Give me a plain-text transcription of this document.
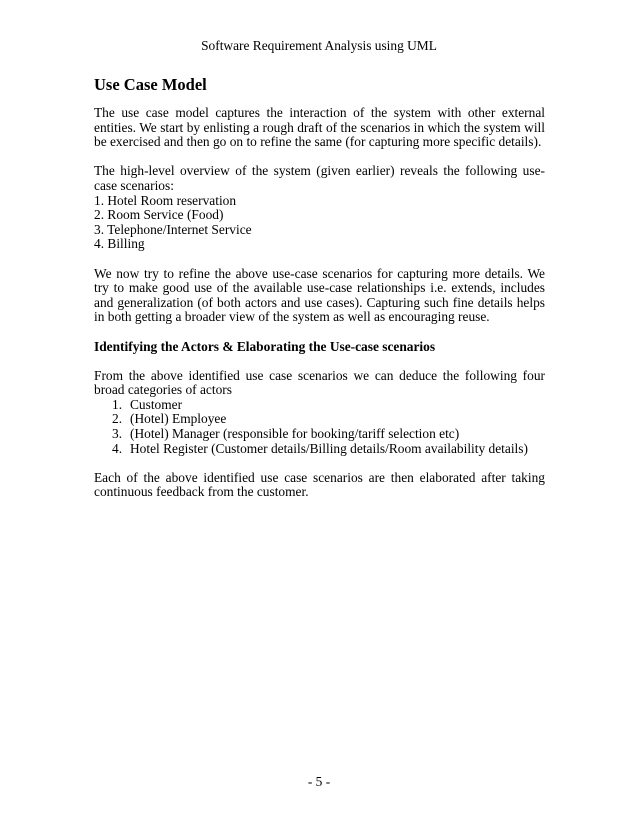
Software Requirement Analysis using UML
Use Case Model

The use case model captures the interaction of the system with other external entities. We start by enlisting a rough draft of the scenarios in which the system will be exercised and then go on to refine the same (for capturing more specific details).

The high-level overview of the system (given earlier) reveals the following use-case scenarios:

1. Hotel Room reservation
2. Room Service (Food)
3. Telephone/Internet Service
4. Billing

We now try to refine the above use-case scenarios for capturing more details. We try to make good use of the available use-case relationships i.e. extends, includes and generalization (of both actors and use cases). Capturing such fine details helps in both getting a broader view of the system as well as encouraging reuse.

Identifying the Actors & Elaborating the Use-case scenarios

From the above identified use case scenarios we can deduce the following four broad categories of actors

1. Customer
2. (Hotel) Employee
3. (Hotel) Manager (responsible for booking/tariff selection etc)
4. Hotel Register (Customer details/Billing details/Room availability details)

Each of the above identified use case scenarios are then elaborated after taking continuous feedback from the customer.

- 5 -
